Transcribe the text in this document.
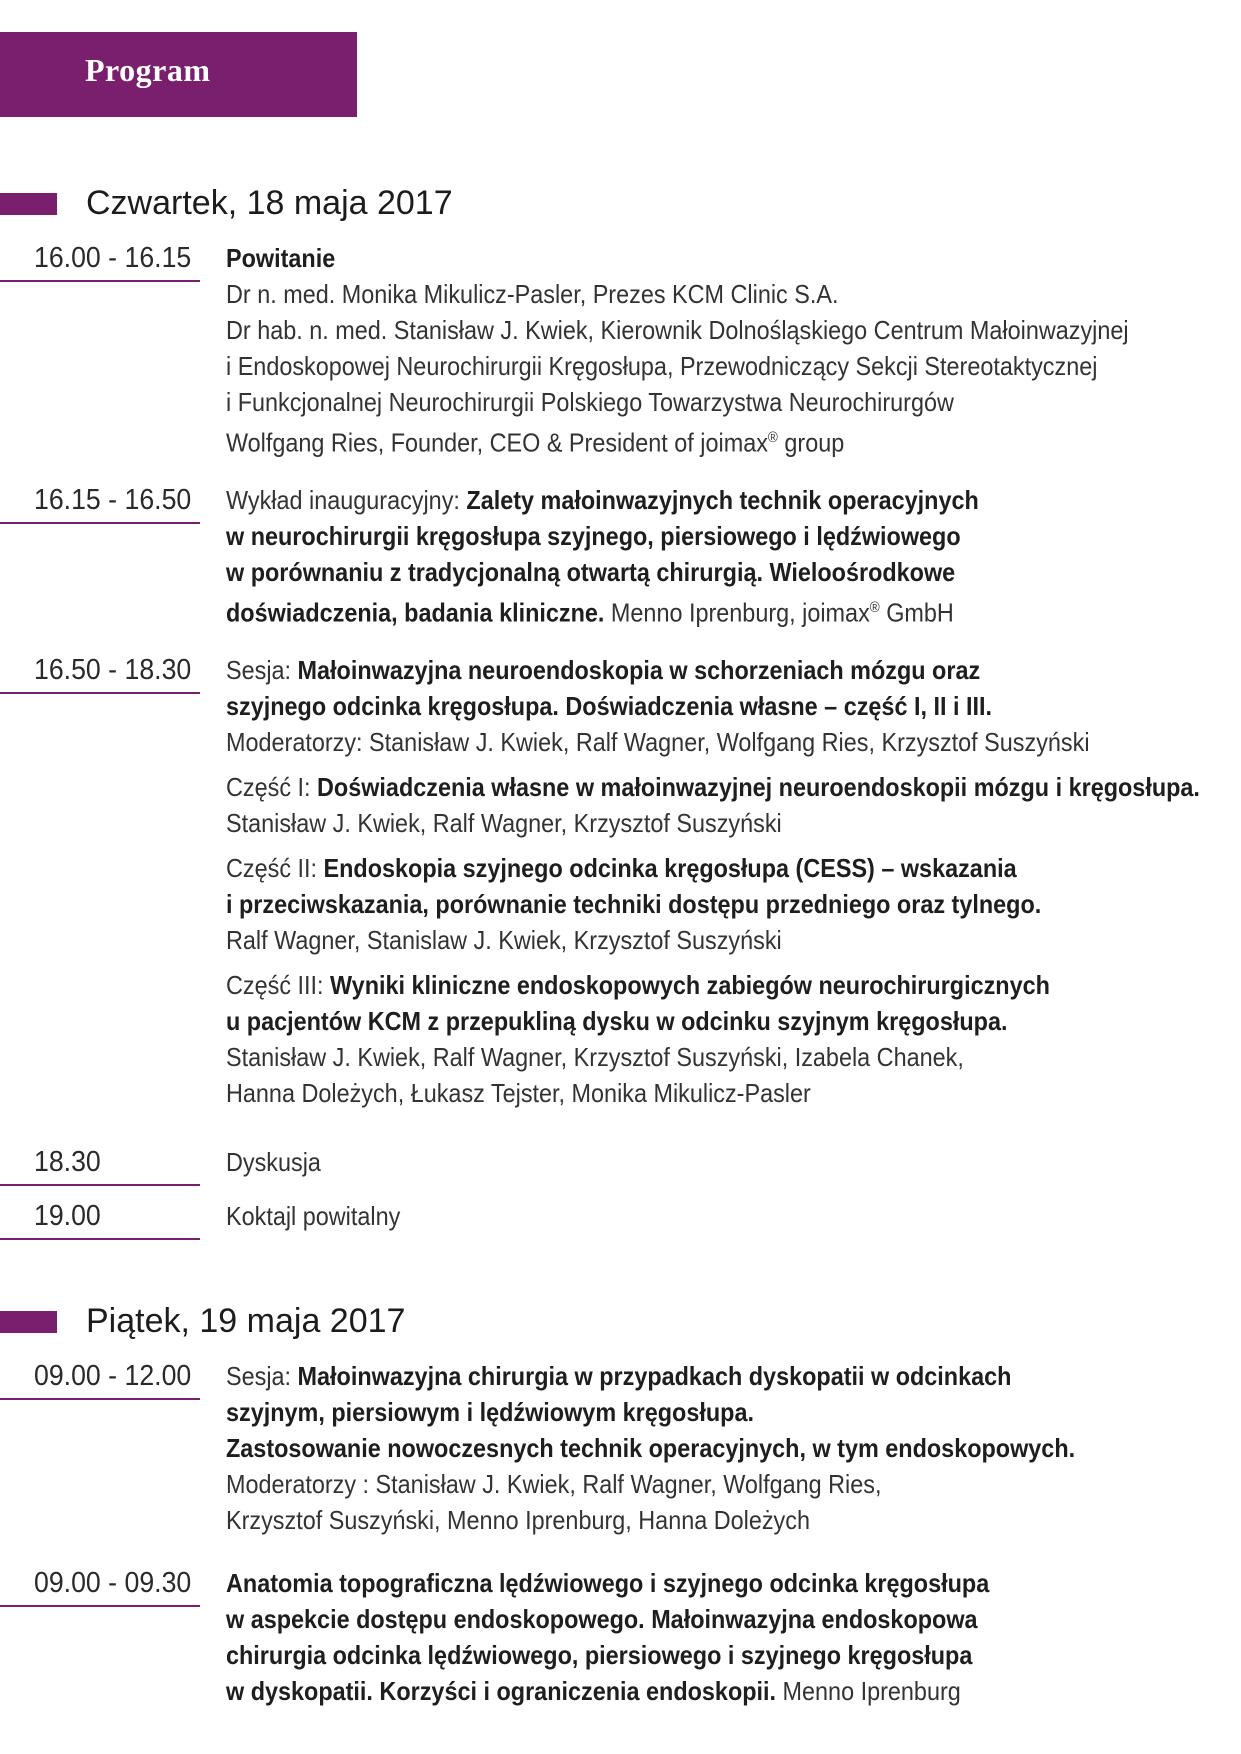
Program
Czwartek, 18 maja 2017
16.00 - 16.15 Powitanie
Dr n. med. Monika Mikulicz-Pasler, Prezes KCM Clinic S.A.
Dr hab. n. med. Stanisław J. Kwiek, Kierownik Dolnośląskiego Centrum Małoinwazyjnej
i Endoskopowej Neurochirurgii Kręgosłupa, Przewodniczący Sekcji Stereotaktycznej
i Funkcjonalnej Neurochirurgii Polskiego Towarzystwa Neurochirurgów
Wolfgang Ries, Founder, CEO & President of joimax® group
16.15 - 16.50 Wykład inauguracyjny: Zalety małoinwazyjnych technik operacyjnych
w neurochirurgii kręgosłupa szyjnego, piersiowego i lędźwiowego
w porównaniu z tradycjonalną otwartą chirurgią. Wieloośrodkowe
doświadczenia, badania kliniczne. Menno Iprenburg, joimax® GmbH
16.50 - 18.30 Sesja: Małoinwazyjna neuroendoskopia w schorzeniach mózgu oraz
szyjnego odcinka kręgosłupa. Doświadczenia własne – część I, II i III.
Moderatorzy: Stanisław J. Kwiek, Ralf Wagner, Wolfgang Ries, Krzysztof Suszyński
Część I: Doświadczenia własne w małoinwazyjnej neuroendoskopii mózgu i kręgosłupa.
Stanisław J. Kwiek, Ralf Wagner, Krzysztof Suszyński
Część II: Endoskopia szyjnego odcinka kręgosłupa (CESS) – wskazania
i przeciwskazania, porównanie techniki dostępu przedniego oraz tylnego.
Ralf Wagner, Stanislaw J. Kwiek, Krzysztof Suszyński
Część III: Wyniki kliniczne endoskopowych zabiegów neurochirurgicznych
u pacjentów KCM z przepukliną dysku w odcinku szyjnym kręgosłupa.
Stanisław J. Kwiek, Ralf Wagner, Krzysztof Suszyński, Izabela Chanek,
Hanna Doleżych, Łukasz Tejster, Monika Mikulicz-Pasler
18.30	Dyskusja
19.00	Koktajl powitalny
Piątek, 19 maja 2017
09.00 - 12.00 Sesja: Małoinwazyjna chirurgia w przypadkach dyskopatii w odcinkach
szyjnym, piersiowym i lędźwiowym kręgosłupa.
Zastosowanie nowoczesnych technik operacyjnych, w tym endoskopowych.
Moderatorzy : Stanisław J. Kwiek, Ralf Wagner, Wolfgang Ries,
Krzysztof Suszyński, Menno Iprenburg, Hanna Doleżych
09.00 - 09.30 Anatomia topograficzna lędźwiowego i szyjnego odcinka kręgosłupa
w aspekcie dostępu endoskopowego. Małoinwazyjna endoskopowa
chirurgia odcinka lędźwiowego, piersiowego i szyjnego kręgosłupa
w dyskopatii. Korzyści i ograniczenia endoskopii. Menno Iprenburg
